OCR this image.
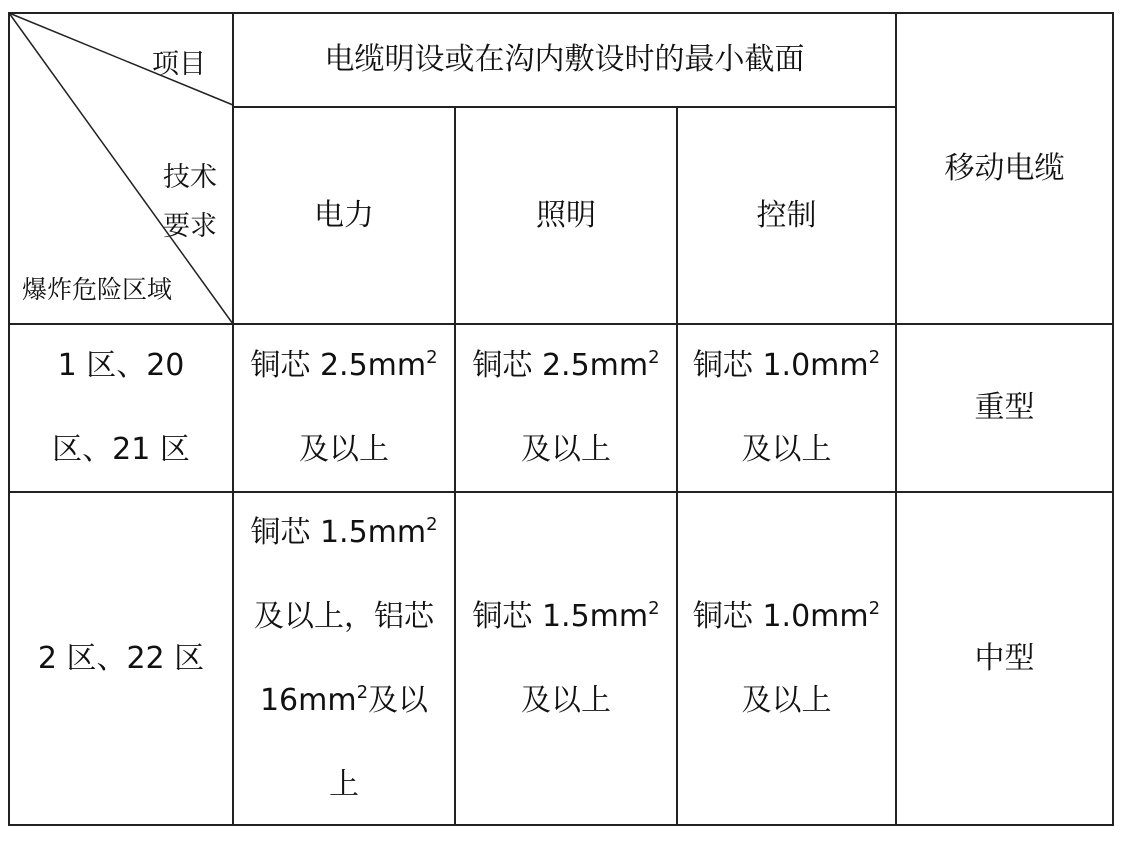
项目
技术
要求
爆炸危险区域
电缆明设或在沟内敷设时的最小截面
电力	照明	控制
移动电缆
1 区、20
区、21 区
铜芯 $2.5mm^2$
及以上
铜芯 $2.5mm^2$
及以上
铜芯 $1.0mm^2$
及以上
重型
2 区、22 区
铜芯 $1.5mm^2$
及以上，铝芯
$16mm^2$及以
上
铜芯 $1.5mm^2$
及以上
铜芯 $1.0mm^2$
及以上
中型
